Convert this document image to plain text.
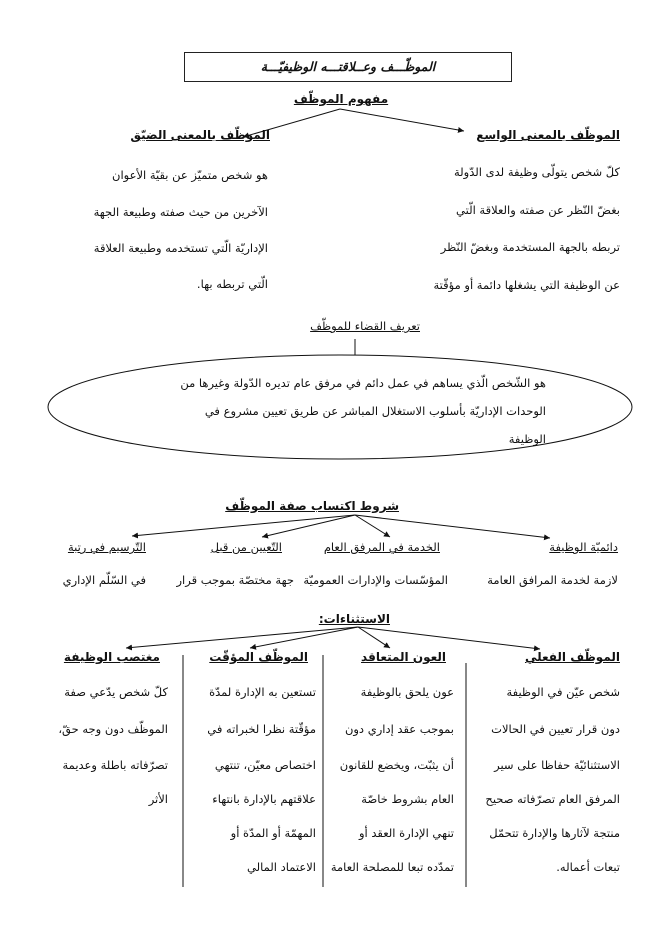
الموظّـــف وعــلاقتـــه الوظيفيّـــة
مفهوم الموظّف
الموظّف بالمعنى الواسع
كلّ شخص يتولّى وظيفة لدى الدّولة
بغضّ النّظر عن صفته والعلاقة الّتي
تربطه بالجهة المستخدمة وبغضّ النّظر
عن الوظيفة التي يشغلها دائمة أو مؤقّتة
الموظّف بالمعنى الضيّق
هو شخص متميّز عن بقيّة الأعوان
الآخرين من حيث صفته وطبيعة الجهة
الإداريّة الّتي تستخدمه وطبيعة العلاقة
الّتي تربطه بها.
تعريف القضاء للموظّف
هو الشّخص الّذي يساهم في عمل دائم في مرفق عام تديره الدّولة وغيرها من
الوحدات الإداريّة بأسلوب الاستغلال المباشر عن طريق تعيين مشروع في
الوظيفة
شروط اكتساب صفة الموظّف
دائميّة الوظيفة
لازمة لخدمة المرافق العامة
الخدمة في المرفق العام
المؤسّسات والإدارات العموميّة
التّعيين من قبل
جهة مختصّة بموجب قرار
التّرسيم في رتبة
في السّلّم الإداري
الاستثناءات:
الموظّف الفعلي
شخص عيّن في الوظيفة
دون قرار تعيين في الحالات
الاستثنائيّة حفاظا على سير
المرفق العام تصرّفاته صحيح
منتجة لآثارها والإدارة تتحمّل
تبعات أعماله.
العون المتعاقد
عون يلحق بالوظيفة
بموجب عقد إداري دون
أن يثبّت، ويخضع للقانون
العام بشروط خاصّة
تنهي الإدارة العقد أو
تمدّده تبعا للمصلحة العامة
الموظّف المؤقّت
تستعين به الإدارة لمدّة
مؤقّتة نظرا لخبراته في
اختصاص معيّن، تنتهي
علاقتهم بالإدارة بانتهاء
المهمّة أو المدّة أو
الاعتماد المالي
مغتصب الوظيفة
كلّ شخص يدّعي صفة
الموظّف دون وجه حقّ،
تصرّفاته باطلة وعديمة
الأثر
